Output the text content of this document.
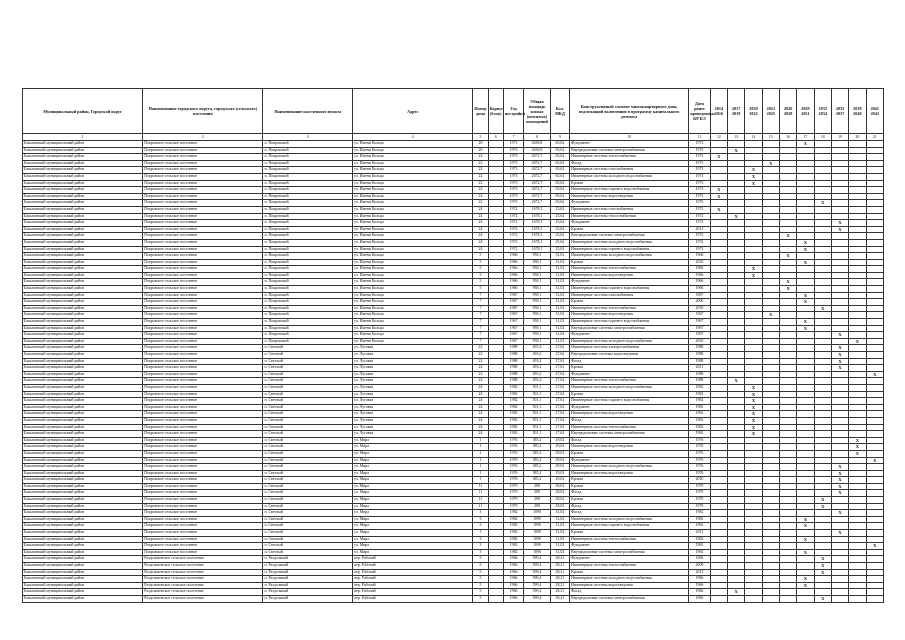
Муниципальный район, Городской округ	Наименование городского округа, городского (сельского) поселения	Наименование населенного пункта	Адрес	Номер дома	Корпус (блок)	Год постройки	Общая площадь жилых (нежилых) помещений	Кол. МКД	Конструктивный элемент многоквартирного дома, подлежащий включению в программу капитального ремонта	Дата ранее проведенных КР КЭ	2014 2016	2017 2019	2020 2022	2023 2025	2026 2028	2029 2031	2032 2034	2035 2037	2038 2040	2041 2043
1	2	3	4	5	6	7	8	9	10	11	12	13	14	15	16	17	18	19	20	21
Бакалинский муниципальный район	Покровское сельское поселение	п. Покровский	ул. Имени Кольца	20		1973	2638,8	65,62	Фундамент	1973						X				
Бакалинский муниципальный район	Покровское сельское поселение	п. Покровский	ул. Имени Кольца	20		1973	2638,8	65,62	Внутридомовые системы электроснабжения	1973		X								
Бакалинский муниципальный район	Покровское сельское поселение	п. Покровский	ул. Имени Кольца	22		1973	2672,7	65,62	Инженерные системы теплоснабжения	1973	X									
Бакалинский муниципальный район	Покровское сельское поселение	п. Покровский	ул. Имени Кольца	22		1973	2672,7	65,62	Фасад	1973				X						
Бакалинский муниципальный район	Покровское сельское поселение	п. Покровский	ул. Имени Кольца	22		1973	2672,7	65,62	Инженерные системы газоснабжения	1973			X							
Бакалинский муниципальный район	Покровское сельское поселение	п. Покровский	ул. Имени Кольца	22		1973	2672,7	65,62	Инженерные системы холодного водоснабжения	1973			X							
Бакалинский муниципальный район	Покровское сельское поселение	п. Покровский	ул. Имени Кольца	22		1973	2672,7	65,62	Кровля	1973			X							
Бакалинский муниципальный район	Покровское сельское поселение	п. Покровский	ул. Имени Кольца	22		1973	2672,7	65,62	Инженерные системы горячего водоснабжения	1973	X									
Бакалинский муниципальный район	Покровское сельское поселение	п. Покровский	ул. Имени Кольца	22		1973	2672,7	65,62	Инженерные системы водоотведения	1973	X									
Бакалинский муниципальный район	Покровское сельское поселение	п. Покровский	ул. Имени Кольца	22		1973	2672,7	65,62	Фундамент	1973							X			
Бакалинский муниципальный район	Покровское сельское поселение	п. Покровский	ул. Имени Кольца	24		1972	1678,1	25,62	Инженерные системы газоснабжения	1972	X									
Бакалинский муниципальный район	Покровское сельское поселение	п. Покровский	ул. Имени Кольца	24		1972	1678,1	25,62	Инженерные системы теплоснабжения	1972		X								
Бакалинский муниципальный район	Покровское сельское поселение	п. Покровский	ул. Имени Кольца	24		1972	1678,1	25,62	Фундамент	1972								X		
Бакалинский муниципальный район	Покровское сельское поселение	п. Покровский	ул. Имени Кольца	24		1972	1678,1	25,62	Кровля	2013								X		
Бакалинский муниципальный район	Покровское сельское поселение	п. Покровский	ул. Имени Кольца	24		1972	1678,1	25,62	Внутридомовые системы электроснабжения	1972					X					
Бакалинский муниципальный район	Покровское сельское поселение	п. Покровский	ул. Имени Кольца	24		1972	1678,1	25,62	Инженерные системы холодного водоснабжения	1972						X				
Бакалинский муниципальный район	Покровское сельское поселение	п. Покровский	ул. Имени Кольца	24		1972	1678,1	25,62	Инженерные системы горячего водоснабжения	1972						X				
Бакалинский муниципальный район	Покровское сельское поселение	п. Покровский	ул. Имени Кольца	5		1966	958,1	31,02	Инженерные системы холодного водоснабжения	1966					X					
Бакалинский муниципальный район	Покровское сельское поселение	п. Покровский	ул. Имени Кольца	5		1966	958,1	31,02	Кровля	2010						X				
Бакалинский муниципальный район	Покровское сельское поселение	п. Покровский	ул. Имени Кольца	5		1966	958,1	31,02	Инженерные системы теплоснабжения	1966			X							
Бакалинский муниципальный район	Покровское сельское поселение	п. Покровский	ул. Имени Кольца	5		1966	958,1	31,02	Инженерные системы водоотведения	1966			X							
Бакалинский муниципальный район	Покровское сельское поселение	п. Покровский	ул. Имени Кольца	5		1966	958,1	31,02	Фундамент	1966					X					
Бакалинский муниципальный район	Покровское сельское поселение	п. Покровский	ул. Имени Кольца	5		1966	958,1	31,02	Инженерные системы горячего водоснабжения	1966					X					
Бакалинский муниципальный район	Покровское сельское поселение	п. Покровский	ул. Имени Кольца	7		1967	958,1	31,02	Инженерные системы газоснабжения	1967						X				
Бакалинский муниципальный район	Покровское сельское поселение	п. Покровский	ул. Имени Кольца	7		1967	958,1	31,02	Кровля	2006						X				
Бакалинский муниципальный район	Покровское сельское поселение	п. Покровский	ул. Имени Кольца	7		1967	958,1	31,02	Инженерные системы теплоснабжения	2010							X			
Бакалинский муниципальный район	Покровское сельское поселение	п. Покровский	ул. Имени Кольца	7		1967	958,1	31,02	Инженерные системы водоотведения	1967				X						
Бакалинский муниципальный район	Покровское сельское поселение	п. Покровский	ул. Имени Кольца	7		1967	958,1	31,02	Инженерные системы горячего водоснабжения	1967						X				
Бакалинский муниципальный район	Покровское сельское поселение	п. Покровский	ул. Имени Кольца	7		1967	958,1	31,02	Внутридомовые системы электроснабжения	1967						X				
Бакалинский муниципальный район	Покровское сельское поселение	п. Покровский	ул. Имени Кольца	7		1967	958,1	31,02	Фундамент	1967								X		
Бакалинский муниципальный район	Покровское сельское поселение	п. Покровский	ул. Имени Кольца	7		1967	958,1	31,02	Инженерные системы холодного водоснабжения	2010									X	
Бакалинский муниципальный район	Покровское сельское поселение	п. Светлый	ул. Луговая	22		1988	493,2	27,62	Инженерные системы электроснабжения	1988								X		
Бакалинский муниципальный район	Покровское сельское поселение	п. Светлый	ул. Луговая	22		1988	493,2	27,62	Внутридомовые системы водоотведения	1988								X		
Бакалинский муниципальный район	Покровское сельское поселение	п. Светлый	ул. Луговая	22		1988	493,2	27,62	Фасад	1988								X		
Бакалинский муниципальный район	Покровское сельское поселение	п. Светлый	ул. Луговая	22		1988	493,2	27,62	Кровля	2011								X		
Бакалинский муниципальный район	Покровское сельское поселение	п. Светлый	ул. Луговая	22		1988	493,2	27,62	Фундамент	1988										X
Бакалинский муниципальный район	Покровское сельское поселение	п. Светлый	ул. Луговая	22		1988	493,2	27,62	Инженерные системы теплоснабжения	1988		X								
Бакалинский муниципальный район	Покровское сельское поселение	п. Светлый	ул. Луговая	24		1982	501,1	27,62	Инженерные системы холодного водоснабжения	1982			X							
Бакалинский муниципальный район	Покровское сельское поселение	п. Светлый	ул. Луговая	24		1982	501,1	27,62	Кровля	1982			X							
Бакалинский муниципальный район	Покровское сельское поселение	п. Светлый	ул. Луговая	24		1982	501,1	27,62	Инженерные системы горячего водоснабжения	1982			X							
Бакалинский муниципальный район	Покровское сельское поселение	п. Светлый	ул. Луговая	24		1982	501,1	27,62	Фундамент	1982			X							
Бакалинский муниципальный район	Покровское сельское поселение	п. Светлый	ул. Луговая	24		1982	501,1	27,62	Инженерные системы водоотведения	1982			X							
Бакалинский муниципальный район	Покровское сельское поселение	п. Светлый	ул. Луговая	24		1982	501,1	27,62	Фасад	1982			X							
Бакалинский муниципальный район	Покровское сельское поселение	п. Светлый	ул. Луговая	24		1982	501,1	27,62	Инженерные системы теплоснабжения	1982			X							
Бакалинский муниципальный район	Покровское сельское поселение	п. Светлый	ул. Луговая	24		1982	501,1	27,62	Внутридомовые системы электроснабжения	1982			X							
Бакалинский муниципальный район	Покровское сельское поселение	п. Светлый	ул. Мира	1		1976	385,2	29,02	Фасад	1976									X	
Бакалинский муниципальный район	Покровское сельское поселение	п. Светлый	ул. Мира	1		1976	385,2	29,02	Инженерные системы водоотведения	1976									X	
Бакалинский муниципальный район	Покровское сельское поселение	п. Светлый	ул. Мира	1		1976	385,2	29,02	Кровля	1976									X	
Бакалинский муниципальный район	Покровское сельское поселение	п. Светлый	ул. Мира	1		1976	385,2	29,02	Фундамент	1976										X
Бакалинский муниципальный район	Покровское сельское поселение	п. Светлый	ул. Мира	1		1976	385,2	29,02	Инженерные системы холодного водоснабжения	1976								X		
Бакалинский муниципальный район	Покровское сельское поселение	п. Светлый	ул. Мира	1		1976	385,2	29,02	Инженерные системы водоотведения	1976								X		
Бакалинский муниципальный район	Покровское сельское поселение	п. Светлый	ул. Мира	1		1976	385,2	29,02	Кровля	2010								X		
Бакалинский муниципальный район	Покровское сельское поселение	п. Светлый	ул. Мира	11		1979	288	28,02	Кровля	1979								X		
Бакалинский муниципальный район	Покровское сельское поселение	п. Светлый	ул. Мира	11		1979	288	28,02	Фасад	1979								X		
Бакалинский муниципальный район	Покровское сельское поселение	п. Светлый	ул. Мира	11		1979	288	28,02	Кровля	1979							X			
Бакалинский муниципальный район	Покровское сельское поселение	п. Светлый	ул. Мира	11		1979	288	28,02	Фасад	1979							X			
Бакалинский муниципальный район	Покровское сельское поселение	п. Светлый	ул. Мира	3		1982	1090	31,02	Фасад	1982								X		
Бакалинский муниципальный район	Покровское сельское поселение	п. Светлый	ул. Мира	3		1982	1090	31,02	Инженерные системы холодного водоснабжения	1982						X				
Бакалинский муниципальный район	Покровское сельское поселение	п. Светлый	ул. Мира	3		1982	1090	31,02	Инженерные системы горячего водоснабжения	1982						X				
Бакалинский муниципальный район	Покровское сельское поселение	п. Светлый	ул. Мира	3		1982	1090	31,02	Кровля	2011								X		
Бакалинский муниципальный район	Покровское сельское поселение	п. Светлый	ул. Мира	3		1982	1090	31,02	Инженерные системы теплоснабжения	1982						X				
Бакалинский муниципальный район	Покровское сельское поселение	п. Светлый	ул. Мира	3		1982	1090	31,02	Фундамент	1982										X
Бакалинский муниципальный район	Покровское сельское поселение	п. Светлый	ул. Мира	3		1982	1090	31,02	Внутридомовые системы электроснабжения	1982						X				
Бакалинский муниципальный район	Раздольненское сельское поселение	п. Раздольный	пер. Рабочий	5		1966	599,4	28,21	Фундамент	1966							X			
Бакалинский муниципальный район	Раздольненское сельское поселение	п. Раздольный	пер. Рабочий	5		1966	599,4	28,21	Инженерные системы теплоснабжения	2009							X			
Бакалинский муниципальный район	Раздольненское сельское поселение	п. Раздольный	пер. Рабочий	5		1966	599,4	28,21	Кровля	2013							X			
Бакалинский муниципальный район	Раздольненское сельское поселение	п. Раздольный	пер. Рабочий	5		1966	599,4	28,21	Инженерные системы холодного водоснабжения	1966						X				
Бакалинский муниципальный район	Раздольненское сельское поселение	п. Раздольный	пер. Рабочий	5		1966	599,4	28,21	Инженерные системы водоотведения	1966						X				
Бакалинский муниципальный район	Раздольненское сельское поселение	п. Раздольный	пер. Рабочий	5		1966	599,4	28,21	Фасад	1966		X								
Бакалинский муниципальный район	Раздольненское сельское поселение	п. Раздольный	пер. Рабочий	5		1966	599,4	28,21	Внутридомовые системы электроснабжения	1966							X			
